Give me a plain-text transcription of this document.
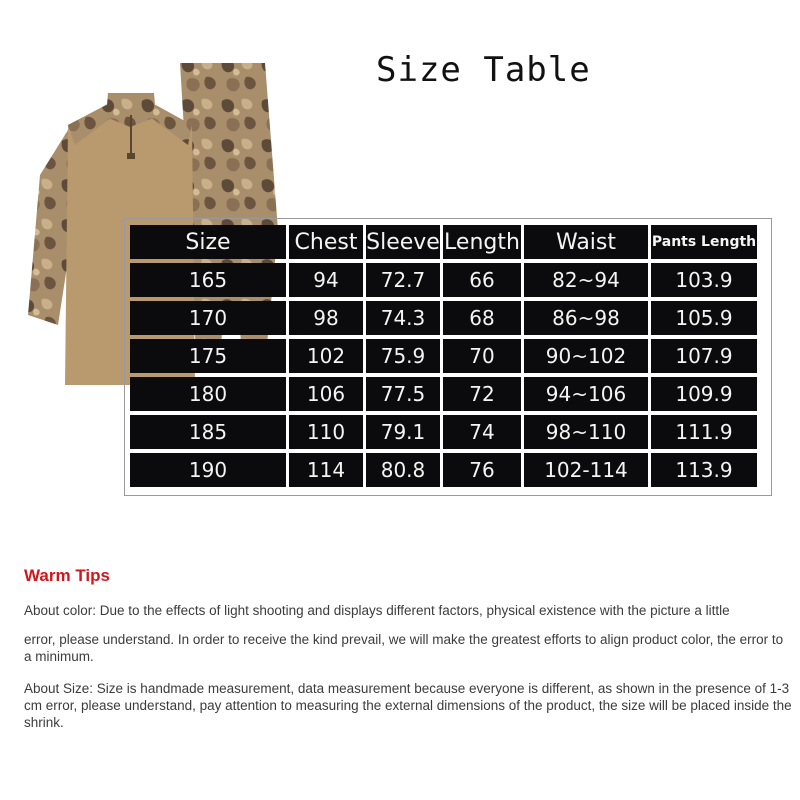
Size Table
Size	Chest	Sleeve	Length	Waist	Pants Length
165	94	72.7	66	82~94	103.9
170	98	74.3	68	86~98	105.9
175	102	75.9	70	90~102	107.9
180	106	77.5	72	94~106	109.9
185	110	79.1	74	98~110	111.9
190	114	80.8	76	102-114	113.9
Warm Tips
About color: Due to the effects of light shooting and displays different factors, physical existence with the picture a little
error, please understand. In order to receive the kind prevail, we will make the greatest efforts to align product color, the error to a minimum.
About Size: Size is handmade measurement, data measurement because everyone is different, as shown in the presence of 1-3 cm error, please understand, pay attention to measuring the external dimensions of the product, the size will be placed inside the shrink.
